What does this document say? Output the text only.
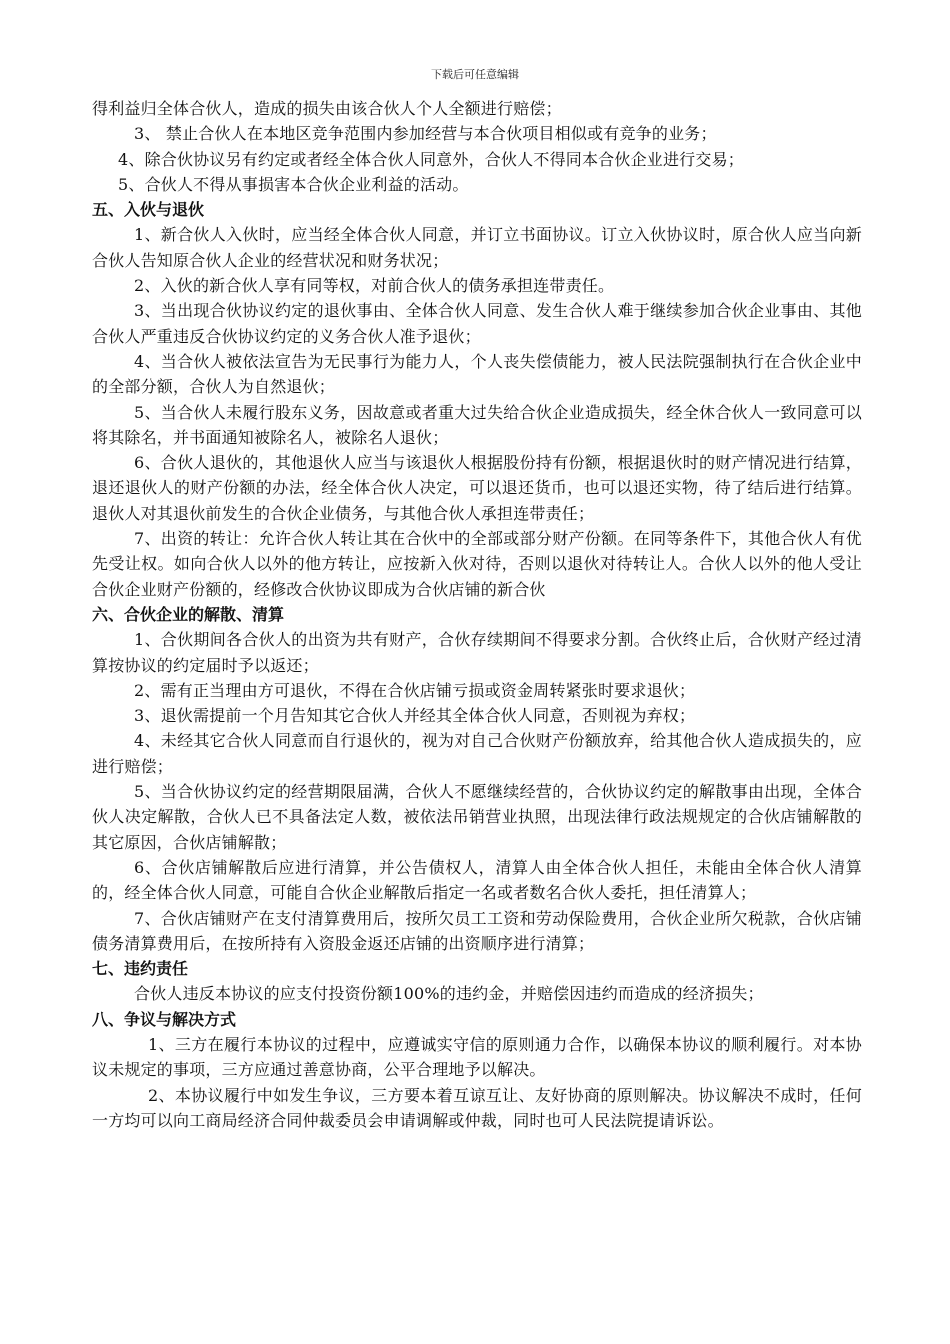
下载后可任意编辑

得利益归全体合伙人，造成的损失由该合伙人个人全额进行赔偿；

3、 禁止合伙人在本地区竞争范围内参加经营与本合伙项目相似或有竞争的业务；

4、除合伙协议另有约定或者经全体合伙人同意外，合伙人不得同本合伙企业进行交易；

5、合伙人不得从事损害本合伙企业利益的活动。

五、入伙与退伙

1、新合伙人入伙时，应当经全体合伙人同意，并订立书面协议。订立入伙协议时，原合伙人应当向新合伙人告知原合伙人企业的经营状况和财务状况；

2、入伙的新合伙人享有同等权，对前合伙人的债务承担连带责任。

3、当出现合伙协议约定的退伙事由、全体合伙人同意、发生合伙人难于继续参加合伙企业事由、其他合伙人严重违反合伙协议约定的义务合伙人准予退伙；

4、当合伙人被依法宣告为无民事行为能力人，个人丧失偿债能力，被人民法院强制执行在合伙企业中的全部分额，合伙人为自然退伙；

5、当合伙人未履行股东义务，因故意或者重大过失给合伙企业造成损失，经全休合伙人一致同意可以将其除名，并书面通知被除名人，被除名人退伙；

6、合伙人退伙的，其他退伙人应当与该退伙人根据股份持有份额，根据退伙时的财产情况进行结算，退还退伙人的财产份额的办法，经全体合伙人决定，可以退还货币，也可以退还实物，待了结后进行结算。退伙人对其退伙前发生的合伙企业债务，与其他合伙人承担连带责任；

7、出资的转让：允许合伙人转让其在合伙中的全部或部分财产份额。在同等条件下，其他合伙人有优先受让权。如向合伙人以外的他方转让，应按新入伙对待，否则以退伙对待转让人。合伙人以外的他人受让合伙企业财产份额的，经修改合伙协议即成为合伙店铺的新合伙

六、合伙企业的解散、清算

1、合伙期间各合伙人的出资为共有财产，合伙存续期间不得要求分割。合伙终止后，合伙财产经过清算按协议的约定届时予以返还；

2、需有正当理由方可退伙，不得在合伙店铺亏损或资金周转紧张时要求退伙；

3、退伙需提前一个月告知其它合伙人并经其全体合伙人同意，否则视为弃权；

4、未经其它合伙人同意而自行退伙的，视为对自己合伙财产份额放弃，给其他合伙人造成损失的，应进行赔偿；

5、当合伙协议约定的经营期限届满，合伙人不愿继续经营的，合伙协议约定的解散事由出现，全体合伙人决定解散，合伙人已不具备法定人数，被依法吊销营业执照，出现法律行政法规规定的合伙店铺解散的其它原因，合伙店铺解散；

6、合伙店铺解散后应进行清算，并公告债权人，清算人由全体合伙人担任，未能由全体合伙人清算的，经全体合伙人同意，可能自合伙企业解散后指定一名或者数名合伙人委托，担任清算人；

7、合伙店铺财产在支付清算费用后，按所欠员工工资和劳动保险费用，合伙企业所欠税款，合伙店铺债务清算费用后，在按所持有入资股金返还店铺的出资顺序进行清算；

七、违约责任

合伙人违反本协议的应支付投资份额100%的违约金，并赔偿因违约而造成的经济损失；

八、争议与解决方式

1、三方在履行本协议的过程中，应遵诚实守信的原则通力合作，以确保本协议的顺利履行。对本协议未规定的事项，三方应通过善意协商，公平合理地予以解决。

2、本协议履行中如发生争议，三方要本着互谅互让、友好协商的原则解决。协议解决不成时，任何一方均可以向工商局经济合同仲裁委员会申请调解或仲裁，同时也可人民法院提请诉讼。
